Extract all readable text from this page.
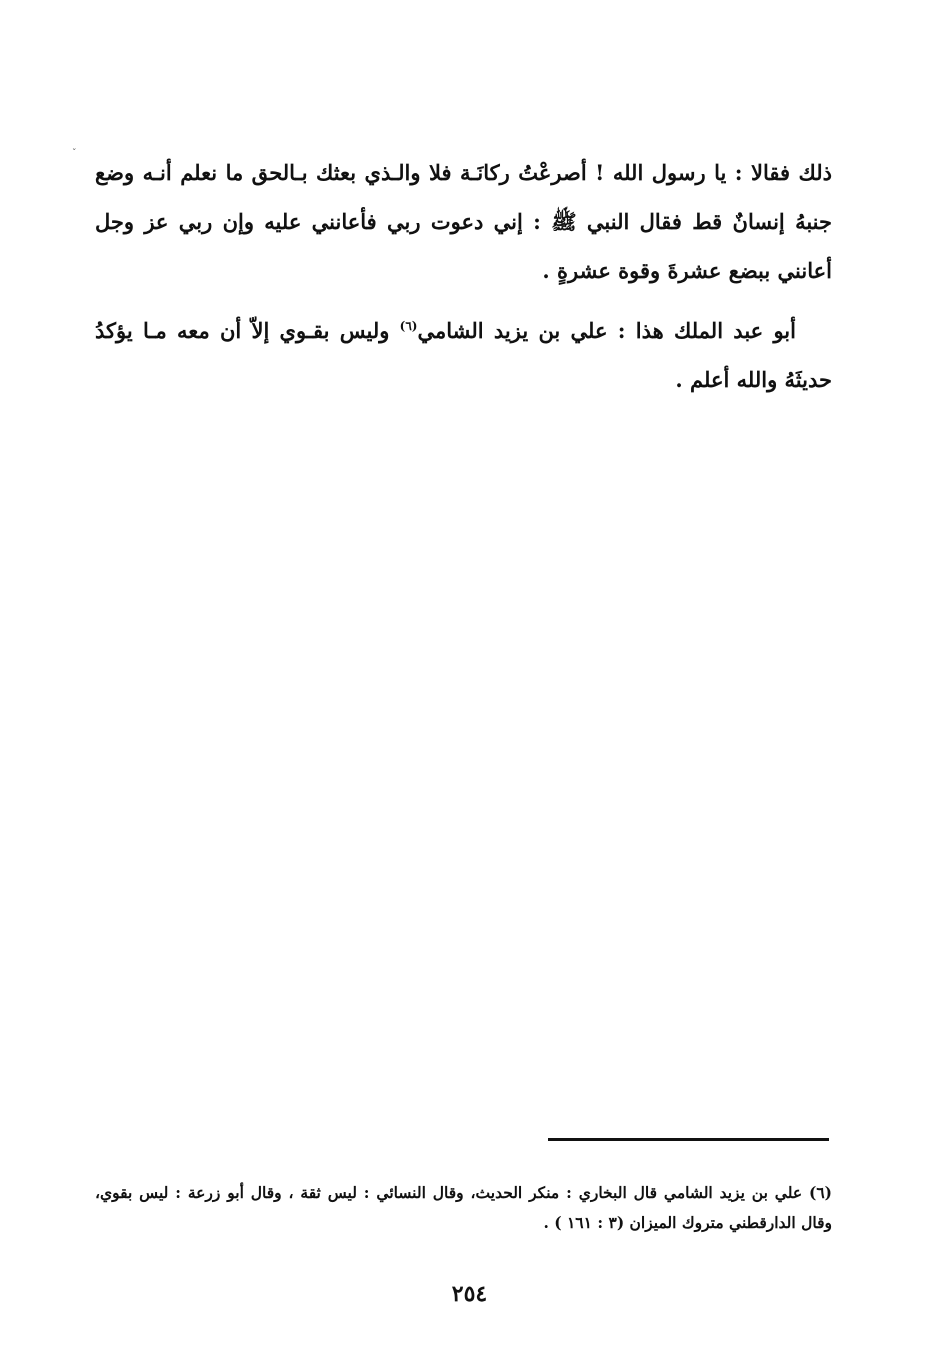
ˇ

ذلك فقالا : يا رسول الله ! أصرعْتُ ركانَـة فلا والـذي بعثك بـالحق ما نعلم أنـه وضع جنبهُ إنسانٌ قط فقال النبي ﷺ : إني دعوت ربي فأعانني عليه وإن ربي عز وجل أعانني ببضع عشرةَ وقوة عشرةٍ .

أبو عبد الملك هذا : علي بن يزيد الشامي$^{(٦)}$ وليس بقـوي إلاّ أن معه مـا يؤكدُ حديثَهُ والله أعلم .

(٦) علي بن يزيد الشامي قال البخاري : منكر الحديث، وقال النسائي : ليس ثقة ، وقال أبو زرعة : ليس بقوي، وقال الدارقطني متروك الميزان (٣ : ١٦١ ) .

٢٥٤
